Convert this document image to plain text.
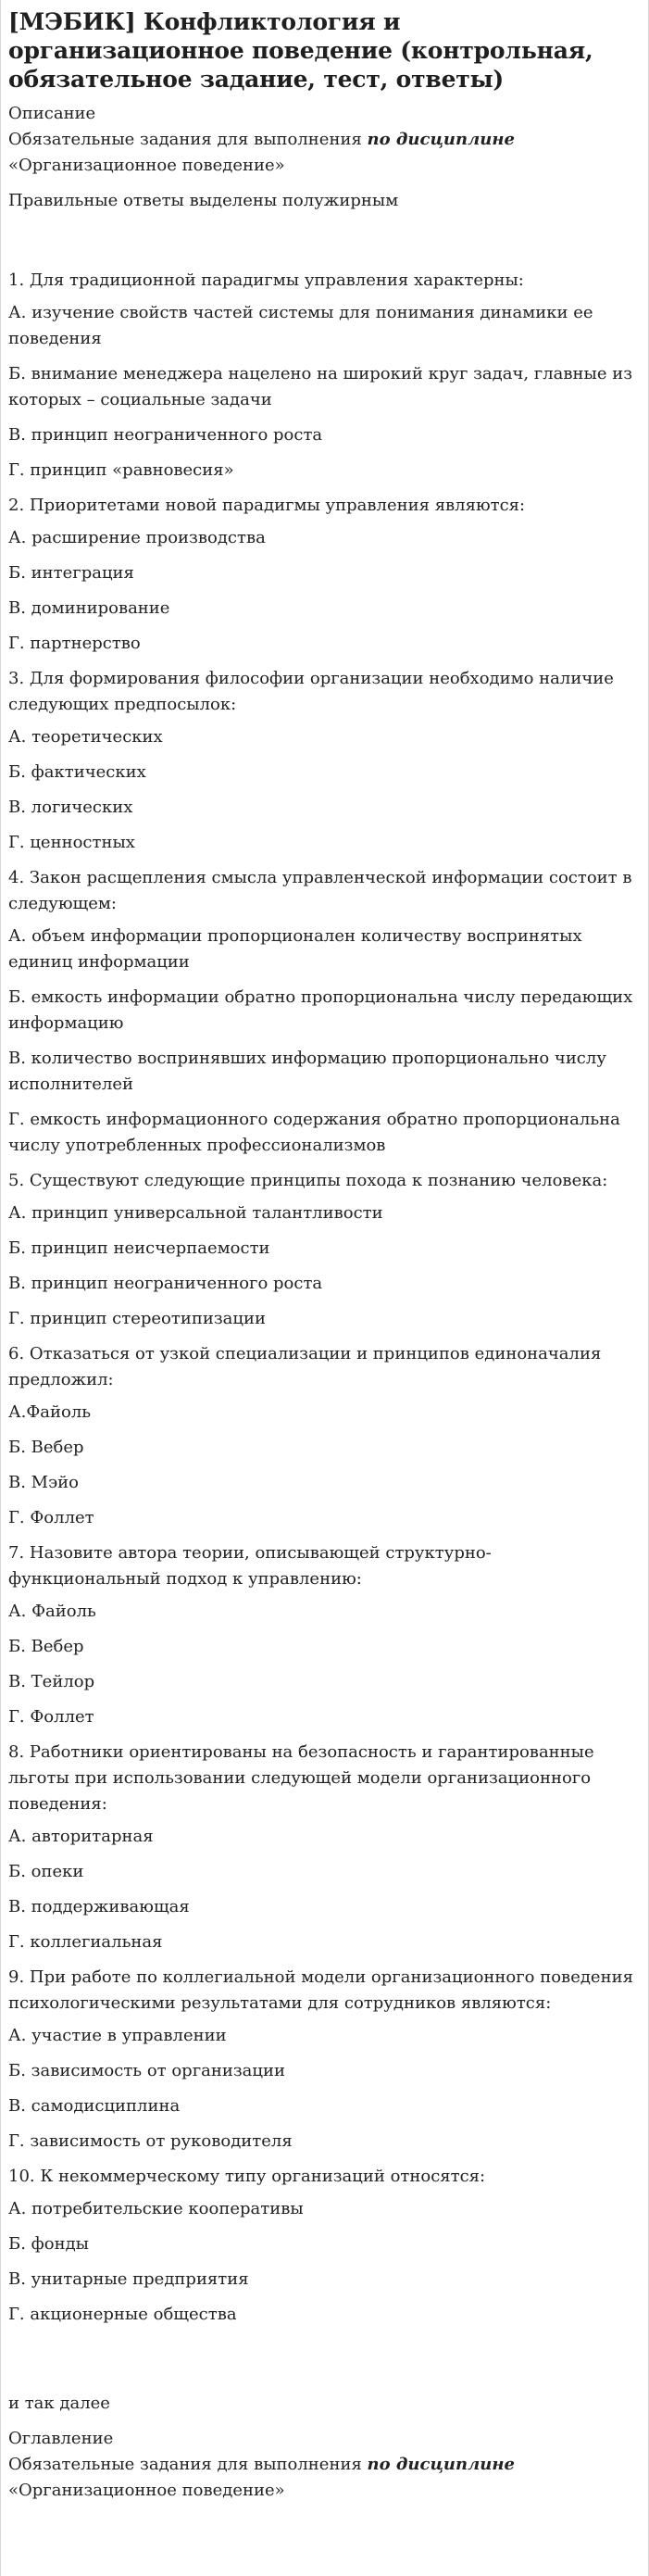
[МЭБИК] Конфликтология и организационное поведение (контрольная, обязательное задание, тест, ответы)

Описание

Обязательные задания для выполнения по дисциплине «Организационное поведение»

Правильные ответы выделены полужирным

1. Для традиционной парадигмы управления характерны:

А. изучение свойств частей системы для понимания динамики ее поведения

Б. внимание менеджера нацелено на широкий круг задач, главные из которых – социальные задачи

В. принцип неограниченного роста

Г. принцип «равновесия»

2. Приоритетами новой парадигмы управления являются:

А. расширение производства

Б. интеграция

В. доминирование

Г. партнерство

3. Для формирования философии организации необходимо наличие следующих предпосылок:

А. теоретических

Б. фактических

В. логических

Г. ценностных

4. Закон расщепления смысла управленческой информации состоит в следующем:

А. объем информации пропорционален количеству воспринятых единиц информации

Б. емкость информации обратно пропорциональна числу передающих информацию

В. количество воспринявших информацию пропорционально числу исполнителей

Г. емкость информационного содержания обратно пропорциональна числу употребленных профессионализмов

5. Существуют следующие принципы похода к познанию человека:

А. принцип универсальной талантливости

Б. принцип неисчерпаемости

В. принцип неограниченного роста

Г. принцип стереотипизации

6. Отказаться от узкой специализации и принципов единоначалия предложил:

А.Файоль

Б. Вебер

В. Мэйо

Г. Фоллет

7. Назовите автора теории, описывающей структурно-функциональный подход к управлению:

А. Файоль

Б. Вебер

В. Тейлор

Г. Фоллет

8. Работники ориентированы на безопасность и гарантированные льготы при использовании следующей модели организационного поведения:

А. авторитарная

Б. опеки

В. поддерживающая

Г. коллегиальная

9. При работе по коллегиальной модели организационного поведения психологическими результатами для сотрудников являются:

А. участие в управлении

Б. зависимость от организации

В. самодисциплина

Г. зависимость от руководителя

10. К некоммерческому типу организаций относятся:

А. потребительские кооперативы

Б. фонды

В. унитарные предприятия

Г. акционерные общества

и так далее

Оглавление

Обязательные задания для выполнения по дисциплине «Организационное поведение»
